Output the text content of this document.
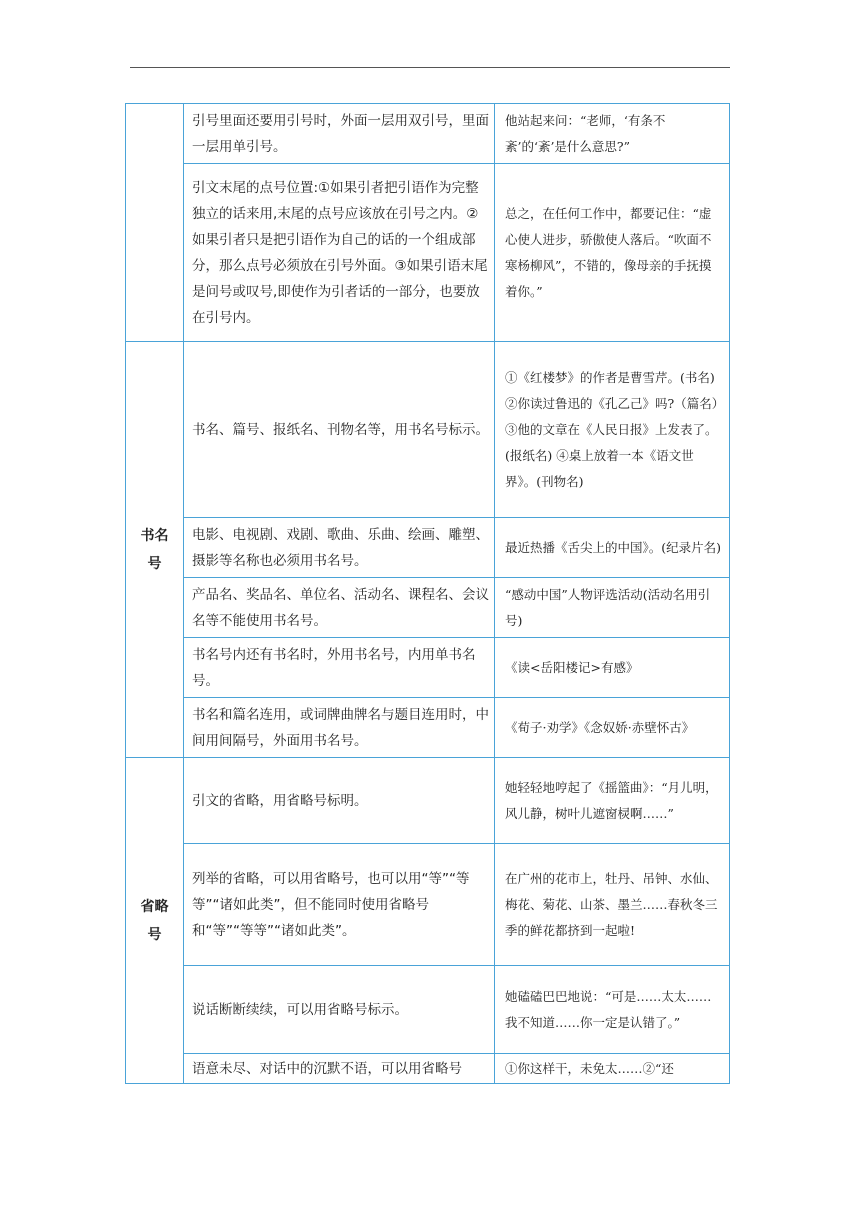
	引号里面还要用引号时，外面一层用双引号，里面一层用单引号。	他站起来问：“老师，‘有条不紊’的‘紊’是什么意思?”
	引文末尾的点号位置:①如果引者把引语作为完整独立的话来用,末尾的点号应该放在引号之内。②如果引者只是把引语作为自己的话的一个组成部分，那么点号必须放在引号外面。③如果引语末尾是问号或叹号,即使作为引者话的一部分，也要放在引号内。	总之，在任何工作中，都要记住：“虚心使人进步，骄傲使人落后。“吹面不寒杨柳风”，不错的，像母亲的手抚摸着你。”
书名号	书名、篇号、报纸名、刊物名等，用书名号标示。	①《红楼梦》的作者是曹雪芹。(书名) ②你读过鲁迅的《孔乙己》吗?（篇名）③他的文章在《人民日报》上发表了。(报纸名) ④桌上放着一本《语文世界》。(刊物名)
	电影、电视剧、戏剧、歌曲、乐曲、绘画、雕塑、摄影等名称也必须用书名号。	最近热播《舌尖上的中国》。(纪录片名)
	产品名、奖品名、单位名、活动名、课程名、会议名等不能使用书名号。	“感动中国”人物评选活动(活动名用引号)
	书名号内还有书名时，外用书名号，内用单书名号。	《读<岳阳楼记>有感》
	书名和篇名连用，或词牌曲牌名与题目连用时，中间用间隔号，外面用书名号。	《荀子·劝学》《念奴娇·赤壁怀古》
省略号	引文的省略，用省略号标明。	她轻轻地哼起了《摇篮曲》：“月儿明，风儿静，树叶儿遮窗棂啊……”
	列举的省略，可以用省略号，也可以用“等”“等等”“诸如此类”，但不能同时使用省略号和“等”“等等”“诸如此类”。	在广州的花市上，牡丹、吊钟、水仙、梅花、菊花、山茶、墨兰……春秋冬三季的鲜花都挤到一起啦!
	说话断断续续，可以用省略号标示。	她磕磕巴巴地说：“可是……太太……我不知道……你一定是认错了。”
	语意未尽、对话中的沉默不语，可以用省略号	①你这样干，未免太……②“还
